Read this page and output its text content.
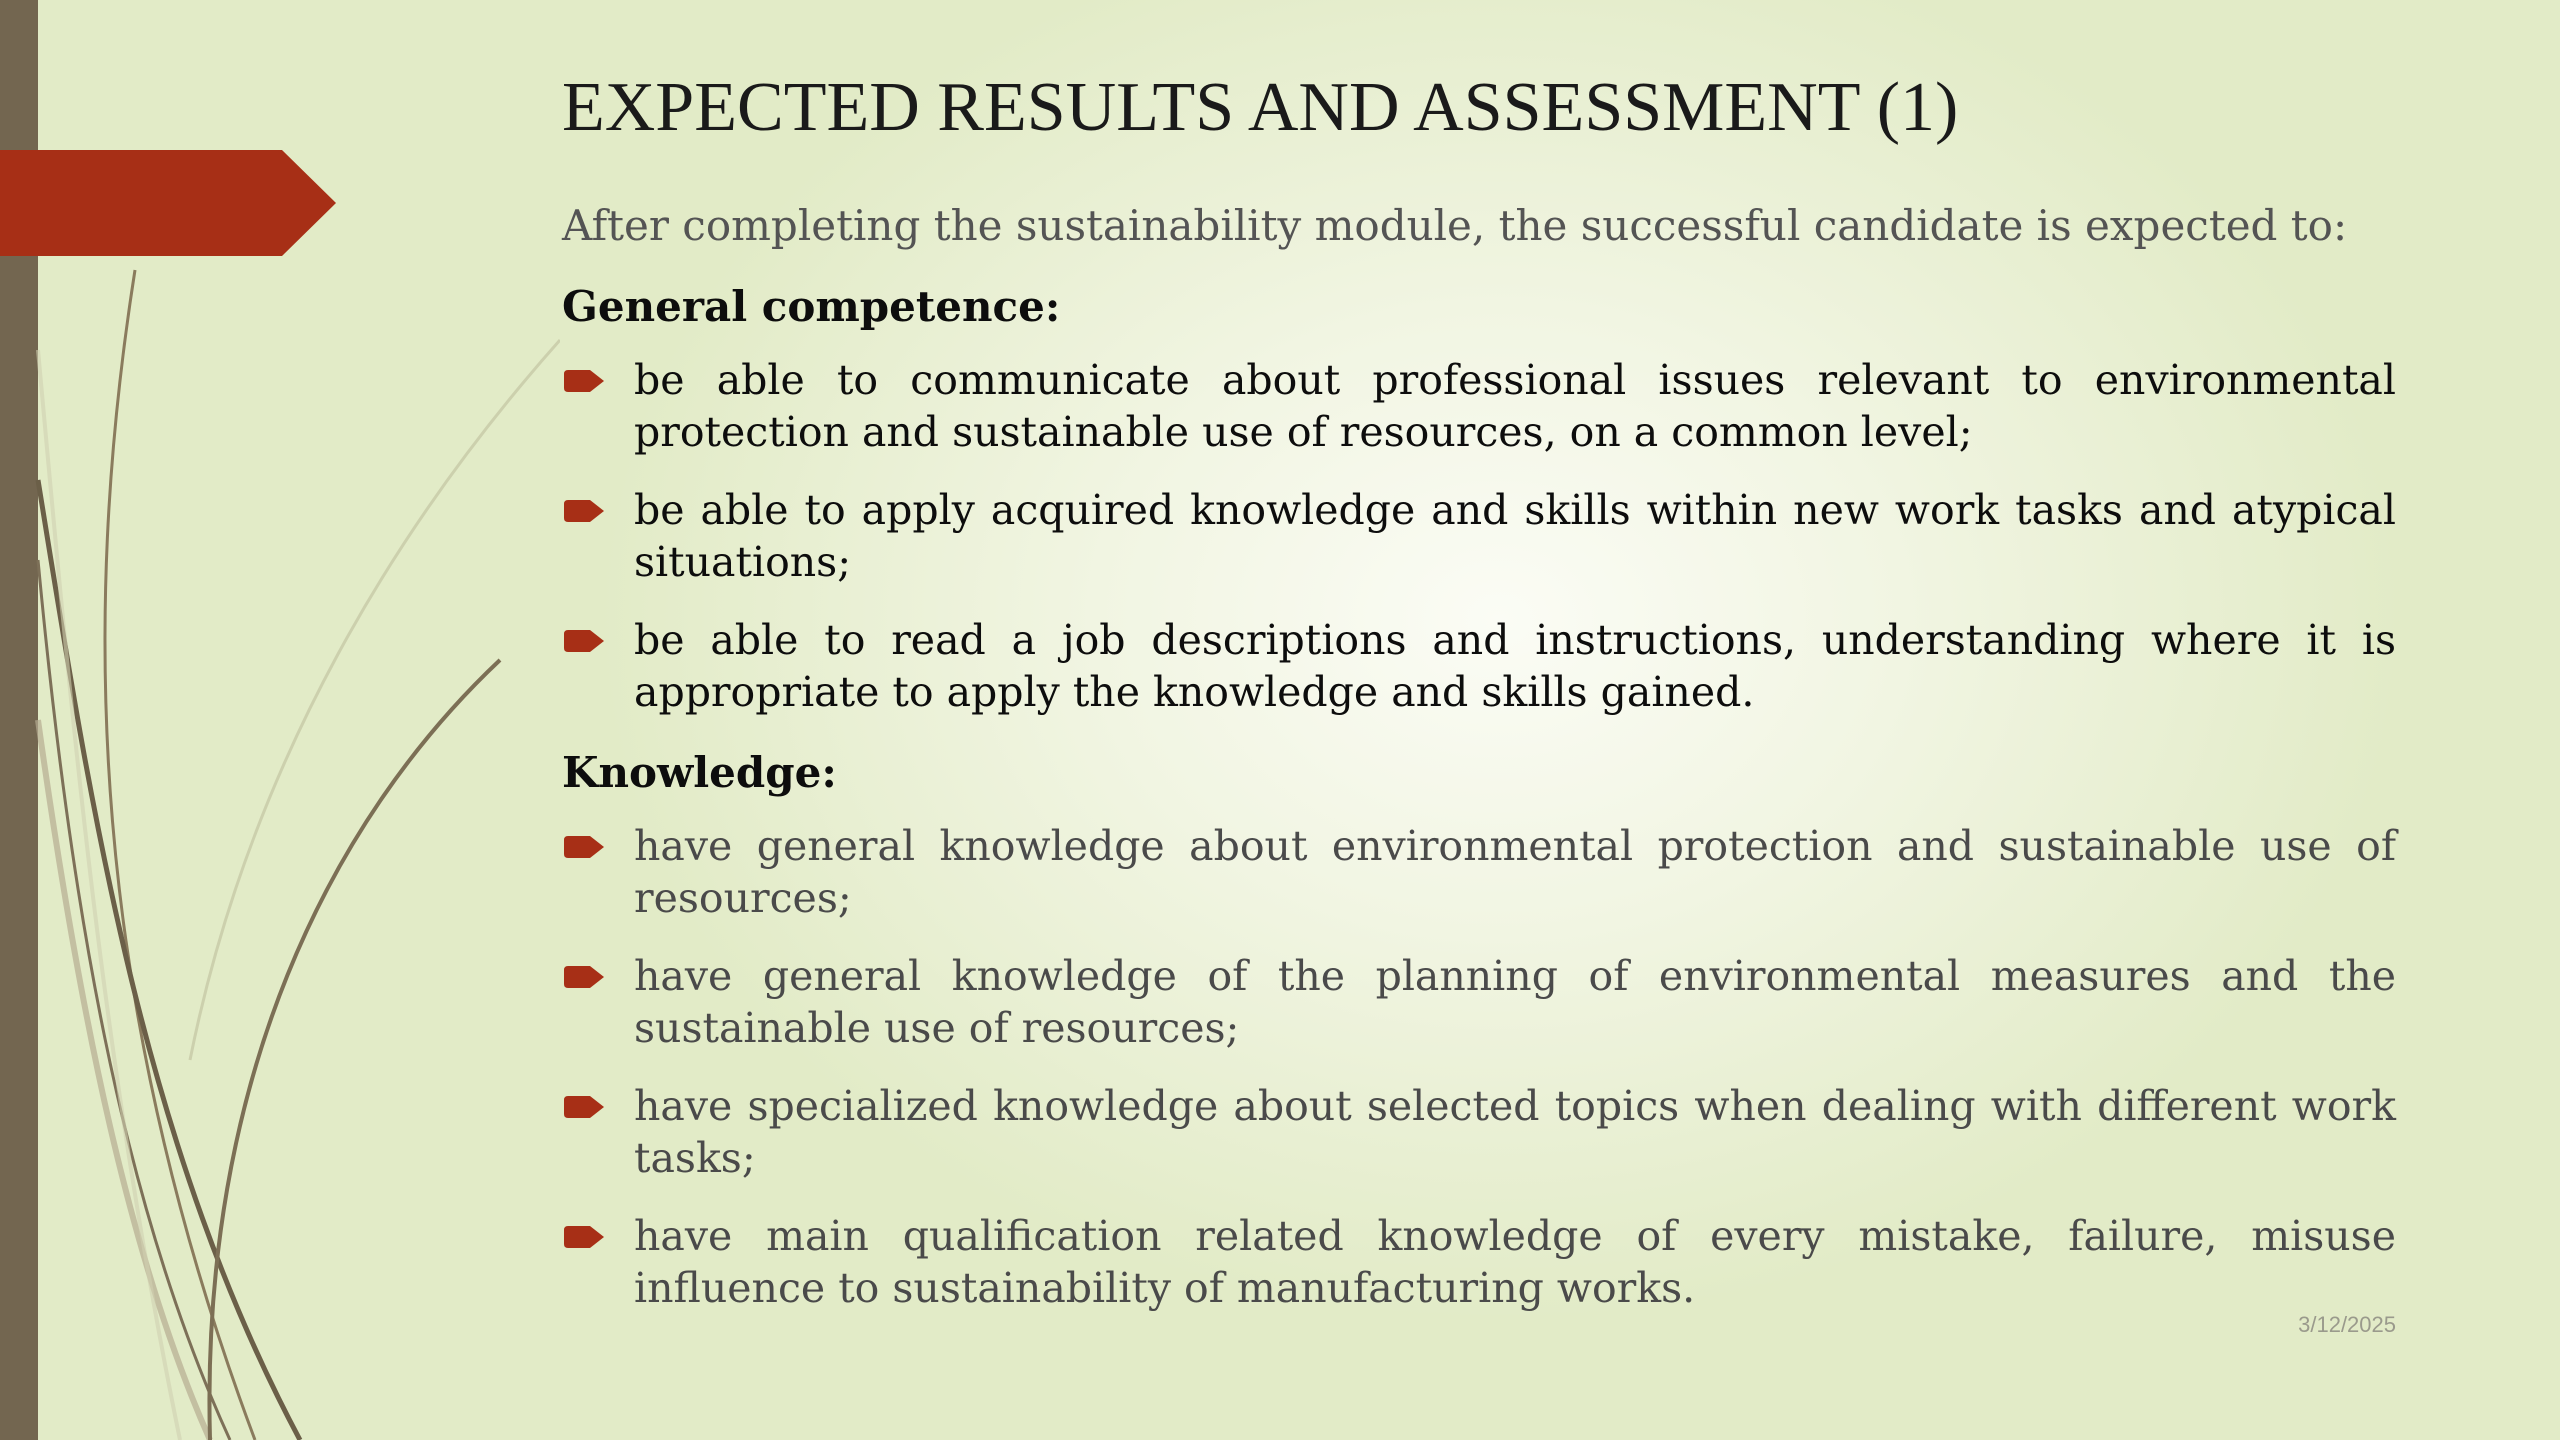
EXPECTED RESULTS AND ASSESSMENT (1)

After completing the sustainability module, the successful candidate is expected to:

General competence:
be able to communicate about professional issues relevant to environmental protection and sustainable use of resources, on a common level;
be able to apply acquired knowledge and skills within new work tasks and atypical situations;
be able to read a job descriptions and instructions, understanding where it is appropriate to apply the knowledge and skills gained.
Knowledge:
have general knowledge about environmental protection and sustainable use of resources;
have general knowledge of the planning of environmental measures and the sustainable use of resources;
have specialized knowledge about selected topics when dealing with different work tasks;
have main qualification related knowledge of every mistake, failure, misuse influence to sustainability of manufacturing works.
3/12/2025
